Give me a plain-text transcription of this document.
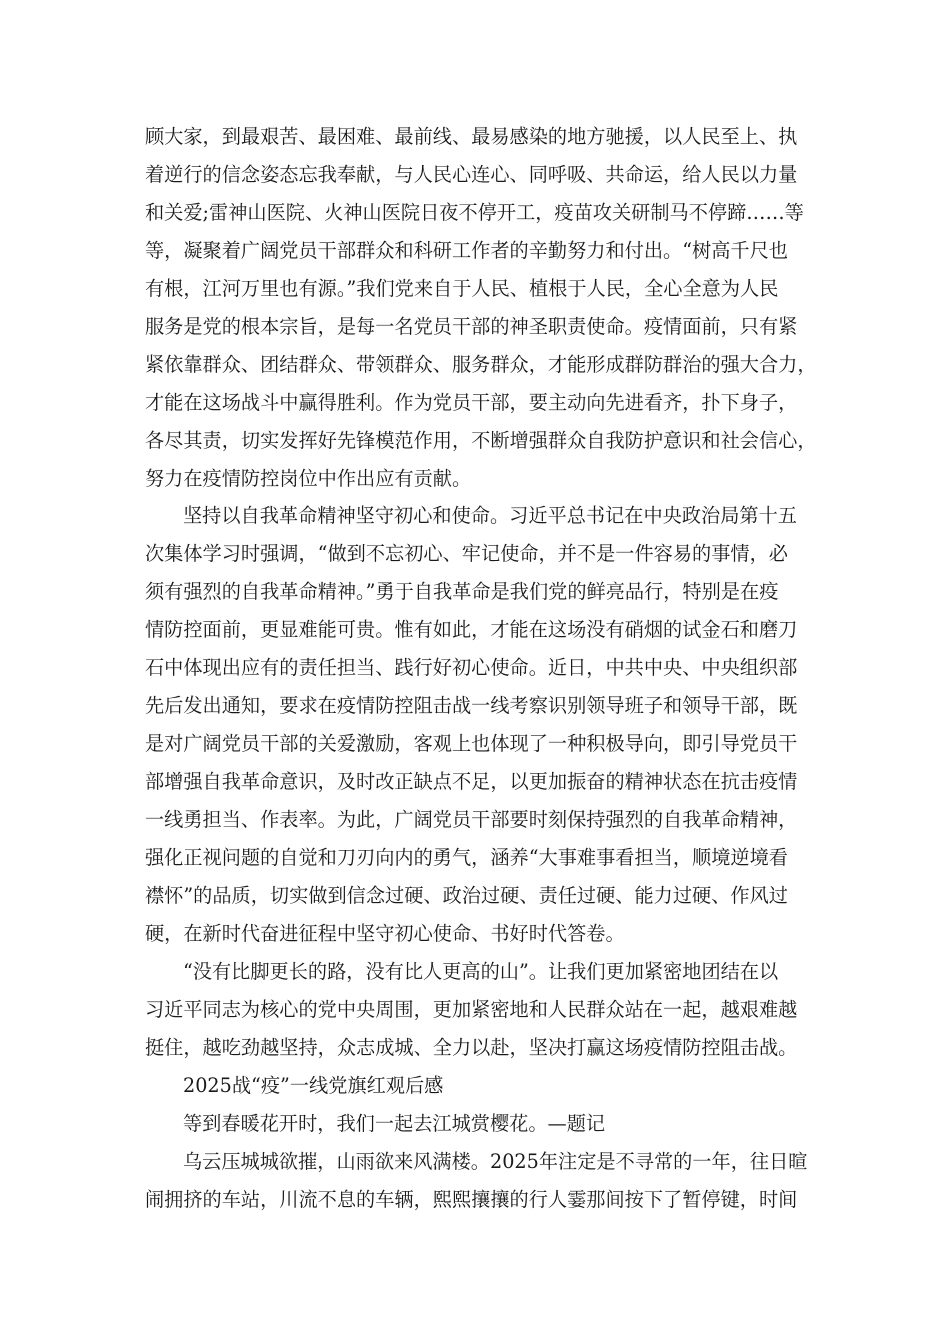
顾大家，到最艰苦、最困难、最前线、最易感染的地方驰援，以人民至上、执
着逆行的信念姿态忘我奉献，与人民心连心、同呼吸、共命运，给人民以力量
和关爱;雷神山医院、火神山医院日夜不停开工，疫苗攻关研制马不停蹄……等
等，凝聚着广阔党员干部群众和科研工作者的辛勤努力和付出。“树高千尺也
有根，江河万里也有源。”我们党来自于人民、植根于人民，全心全意为人民
服务是党的根本宗旨，是每一名党员干部的神圣职责使命。疫情面前，只有紧
紧依靠群众、团结群众、带领群众、服务群众，才能形成群防群治的强大合力，
才能在这场战斗中赢得胜利。作为党员干部，要主动向先进看齐，扑下身子，
各尽其责，切实发挥好先锋模范作用，不断增强群众自我防护意识和社会信心，
努力在疫情防控岗位中作出应有贡献。
坚持以自我革命精神坚守初心和使命。习近平总书记在中央政治局第十五
次集体学习时强调，“做到不忘初心、牢记使命，并不是一件容易的事情，必
须有强烈的自我革命精神。”勇于自我革命是我们党的鲜亮品行，特别是在疫
情防控面前，更显难能可贵。惟有如此，才能在这场没有硝烟的试金石和磨刀
石中体现出应有的责任担当、践行好初心使命。近日，中共中央、中央组织部
先后发出通知，要求在疫情防控阻击战一线考察识别领导班子和领导干部，既
是对广阔党员干部的关爱激励，客观上也体现了一种积极导向，即引导党员干
部增强自我革命意识，及时改正缺点不足，以更加振奋的精神状态在抗击疫情
一线勇担当、作表率。为此，广阔党员干部要时刻保持强烈的自我革命精神，
强化正视问题的自觉和刀刃向内的勇气，涵养“大事难事看担当，顺境逆境看
襟怀”的品质，切实做到信念过硬、政治过硬、责任过硬、能力过硬、作风过
硬，在新时代奋进征程中坚守初心使命、书好时代答卷。
“没有比脚更长的路，没有比人更高的山”。让我们更加紧密地团结在以
习近平同志为核心的党中央周围，更加紧密地和人民群众站在一起，越艰难越
挺住，越吃劲越坚持，众志成城、全力以赴，坚决打赢这场疫情防控阻击战。
2025战“疫”一线党旗红观后感
等到春暖花开时，我们一起去江城赏樱花。—题记
乌云压城城欲摧，山雨欲来风满楼。2025年注定是不寻常的一年，往日暄
闹拥挤的车站，川流不息的车辆，熙熙攘攘的行人霎那间按下了暂停键，时间
